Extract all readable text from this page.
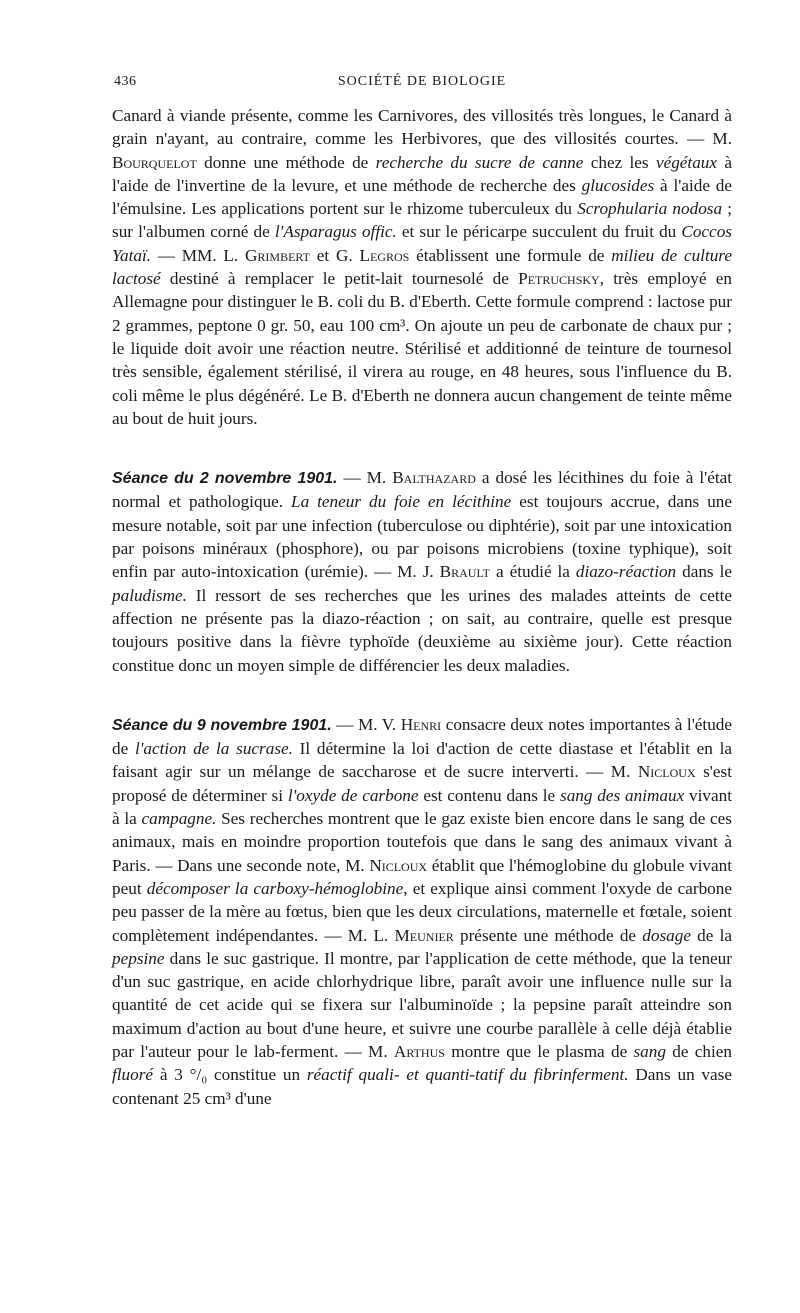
436	SOCIÉTÉ DE BIOLOGIE

Canard à viande présente, comme les Carnivores, des villosités très longues, le Canard à grain n'ayant, au contraire, comme les Herbivores, que des villosités courtes. — M. Bourquelot donne une méthode de recherche du sucre de canne chez les végétaux à l'aide de l'invertine de la levure, et une méthode de recherche des glucosides à l'aide de l'émulsine. Les applications portent sur le rhizome tuberculeux du Scrophularia nodosa ; sur l'albumen corné de l'Asparagus offic. et sur le péricarpe succulent du fruit du Coccos Yataï. — MM. L. Grimbert et G. Legros établissent une formule de milieu de culture lactosé destiné à remplacer le petit-lait tournesolé de Petruchsky, très employé en Allemagne pour distinguer le B. coli du B. d'Eberth. Cette formule comprend : lactose pur 2 grammes, peptone 0 gr. 50, eau 100 cm³. On ajoute un peu de carbonate de chaux pur ; le liquide doit avoir une réaction neutre. Stérilisé et additionné de teinture de tournesol très sensible, également stérilisé, il virera au rouge, en 48 heures, sous l'influence du B. coli même le plus dégénéré. Le B. d'Eberth ne donnera aucun changement de teinte même au bout de huit jours.

Séance du 2 novembre 1901. — M. Balthazard a dosé les lécithines du foie à l'état normal et pathologique. La teneur du foie en lécithine est toujours accrue, dans une mesure notable, soit par une infection (tuberculose ou diphtérie), soit par une intoxication par poisons minéraux (phosphore), ou par poisons microbiens (toxine typhique), soit enfin par auto-intoxication (urémie). — M. J. Brault a étudié la diazo-réaction dans le paludisme. Il ressort de ses recherches que les urines des malades atteints de cette affection ne présente pas la diazo-réaction ; on sait, au contraire, quelle est presque toujours positive dans la fièvre typhoïde (deuxième au sixième jour). Cette réaction constitue donc un moyen simple de différencier les deux maladies.

Séance du 9 novembre 1901. — M. V. Henri consacre deux notes importantes à l'étude de l'action de la sucrase. Il détermine la loi d'action de cette diastase et l'établit en la faisant agir sur un mélange de saccharose et de sucre interverti. — M. Nicloux s'est proposé de déterminer si l'oxyde de carbone est contenu dans le sang des animaux vivant à la campagne. Ses recherches montrent que le gaz existe bien encore dans le sang de ces animaux, mais en moindre proportion toutefois que dans le sang des animaux vivant à Paris. — Dans une seconde note, M. Nicloux établit que l'hémoglobine du globule vivant peut décomposer la carboxy-hémoglobine, et explique ainsi comment l'oxyde de carbone peu passer de la mère au fœtus, bien que les deux circulations, maternelle et fœtale, soient complètement indépendantes. — M. L. Meunier présente une méthode de dosage de la pepsine dans le suc gastrique. Il montre, par l'application de cette méthode, que la teneur d'un suc gastrique, en acide chlorhydrique libre, paraît avoir une influence nulle sur la quantité de cet acide qui se fixera sur l'albuminoïde ; la pepsine paraît atteindre son maximum d'action au bout d'une heure, et suivre une courbe parallèle à celle déjà établie par l'auteur pour le lab-ferment. — M. Arthus montre que le plasma de sang de chien fluoré à 3 °/₀ constitue un réactif quali- et quanti-tatif du fibrinferment. Dans un vase contenant 25 cm³ d'une
